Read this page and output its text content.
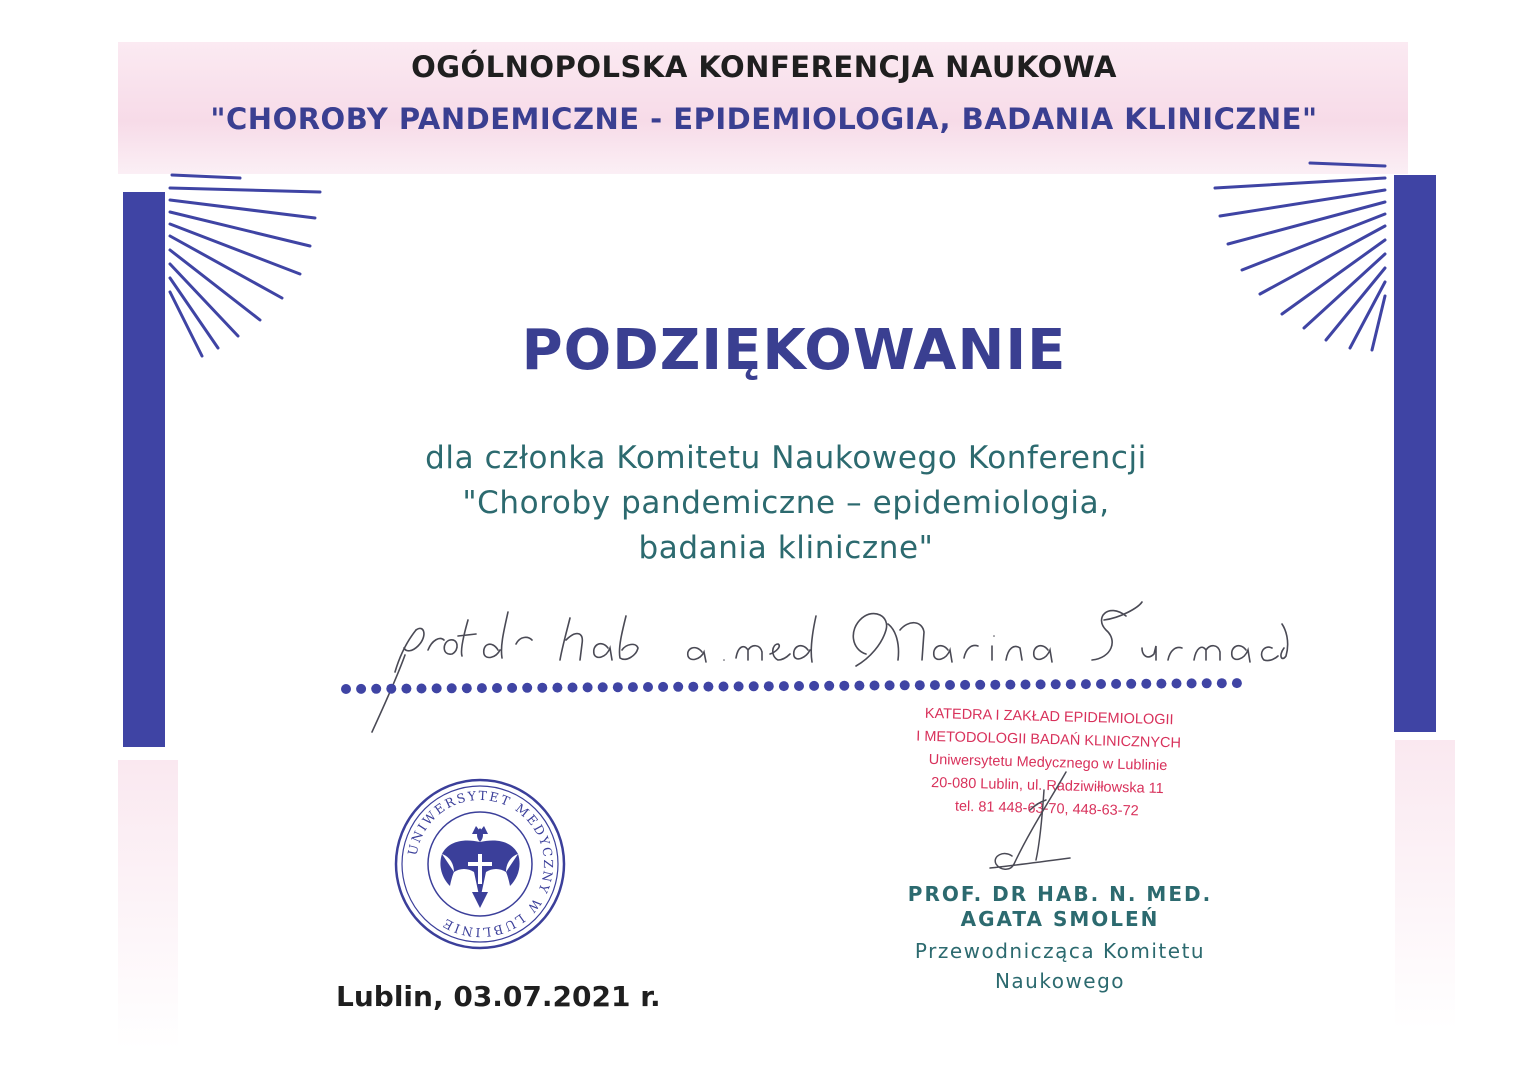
OGÓLNOPOLSKA KONFERENCJA NAUKOWA
"CHOROBY PANDEMICZNE - EPIDEMIOLOGIA, BADANIA KLINICZNE"
PODZIĘKOWANIE
dla członka Komitetu Naukowego Konferencji
"Choroby pandemiczne – epidemiologia,
badania kliniczne"
KATEDRA I ZAKŁAD EPIDEMIOLOGII
I METODOLOGII BADAŃ KLINICZNYCH
Uniwersytetu Medycznego w Lublinie
20-080 Lublin, ul. Radziwiłłowska 11
tel. 81 448-63-70, 448-63-72
UNIWERSYTET MEDYCZNY W LUBLINIE
PROF. DR HAB. N. MED.
AGATA SMOLEŃ
Przewodnicząca Komitetu
Naukowego
Lublin, 03.07.2021 r.
